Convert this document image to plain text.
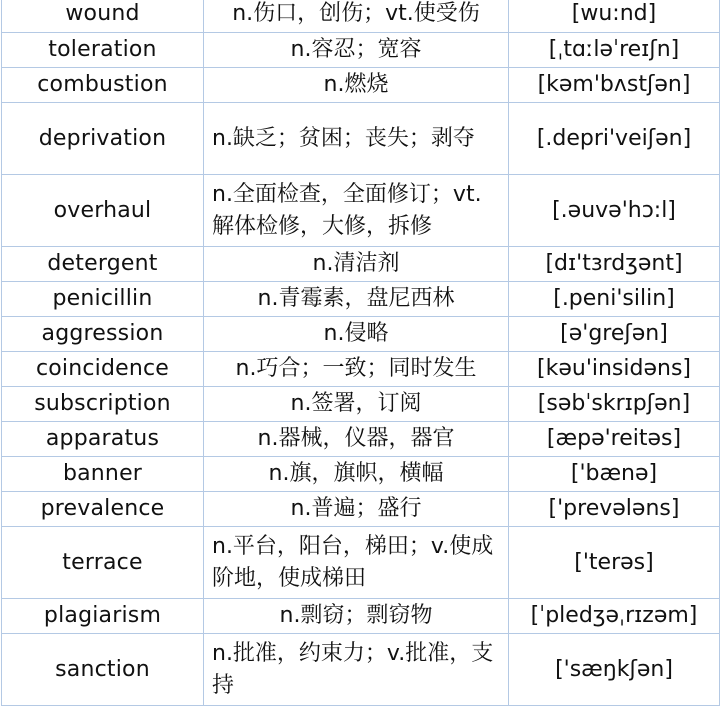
wound	n.伤口，创伤；vt.使受伤	[wu:nd]
toleration	n.容忍；宽容	[ˌtɑːləˈreɪʃn]
combustion	n.燃烧	[kəm'bʌstʃən]
deprivation	n.缺乏；贫困；丧失；剥夺	[.depri'veiʃən]
overhaul	n.全面检查，全面修订；vt.解体检修，大修，拆修	[.əuvə'hɔ:l]
detergent	n.清洁剂	[dɪ'tɜrdʒənt]
penicillin	n.青霉素，盘尼西林	[.peni'silin]
aggression	n.侵略	[ə'greʃən]
coincidence	n.巧合；一致；同时发生	[kəu'insidəns]
subscription	n.签署，订阅	[səbˈskrɪpʃən]
apparatus	n.器械，仪器，器官	[æpə'reitəs]
banner	n.旗，旗帜，横幅	['bænə]
prevalence	n.普遍；盛行	['prevələns]
terrace	n.平台，阳台，梯田；v.使成阶地，使成梯田	['terəs]
plagiarism	n.剽窃；剽窃物	[ˈpledʒəˌrɪzəm]
sanction	n.批准，约束力；v.批准，支持	['sæŋkʃən]
